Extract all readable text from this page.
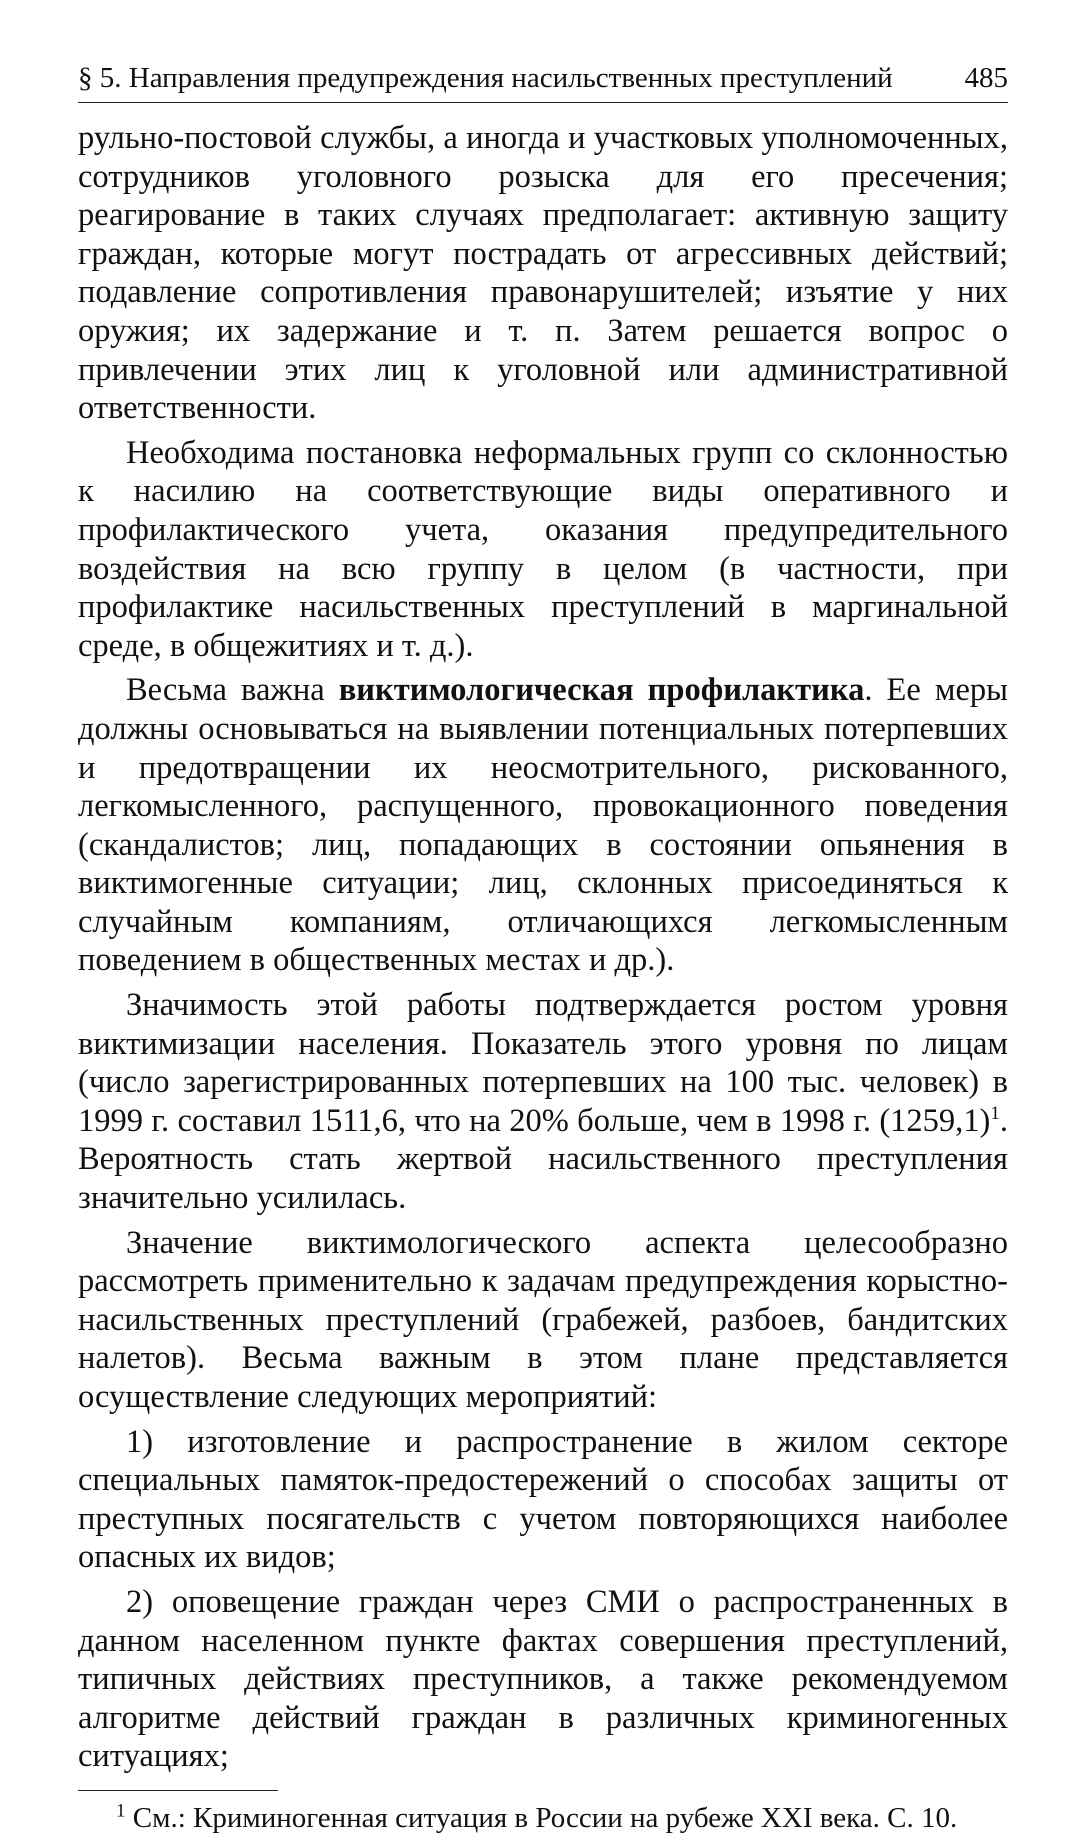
§ 5. Направления предупреждения насильственных преступлений 485

рульно-постовой службы, а иногда и участковых уполномоченных, сотрудников уголовного розыска для его пресечения; реагирование в таких случаях предполагает: активную защиту граждан, которые могут пострадать от агрессивных действий; подавление сопротивления правонарушителей; изъятие у них оружия; их задержание и т. п. Затем решается вопрос о привлечении этих лиц к уголовной или административной ответственности.

Необходима постановка неформальных групп со склонностью к насилию на соответствующие виды оперативного и профилактического учета, оказания предупредительного воздействия на всю группу в целом (в частности, при профилактике насильственных преступлений в маргинальной среде, в общежитиях и т. д.).

Весьма важна виктимологическая профилактика. Ее меры должны основываться на выявлении потенциальных потерпевших и предотвращении их неосмотрительного, рискованного, легкомысленного, распущенного, провокационного поведения (скандалистов; лиц, попадающих в состоянии опьянения в виктимогенные ситуации; лиц, склонных присоединяться к случайным компаниям, отличающихся легкомысленным поведением в общественных местах и др.).

Значимость этой работы подтверждается ростом уровня виктимизации населения. Показатель этого уровня по лицам (число зарегистрированных потерпевших на 100 тыс. человек) в 1999 г. составил 1511,6, что на 20% больше, чем в 1998 г. $(1259,1)^1$. Вероятность стать жертвой насильственного преступления значительно усилилась.

Значение виктимологического аспекта целесообразно рассмотреть применительно к задачам предупреждения корыстно-насильственных преступлений (грабежей, разбоев, бандитских налетов). Весьма важным в этом плане представляется осуществление следующих мероприятий:

1) изготовление и распространение в жилом секторе специальных памяток-предостережений о способах защиты от преступных посягательств с учетом повторяющихся наиболее опасных их видов;

2) оповещение граждан через СМИ о распространенных в данном населенном пункте фактах совершения преступлений, типичных действиях преступников, а также рекомендуемом алгоритме действий граждан в различных криминогенных ситуациях;

$^1$ См.: Криминогенная ситуация в России на рубеже XXI века. С. 10.
